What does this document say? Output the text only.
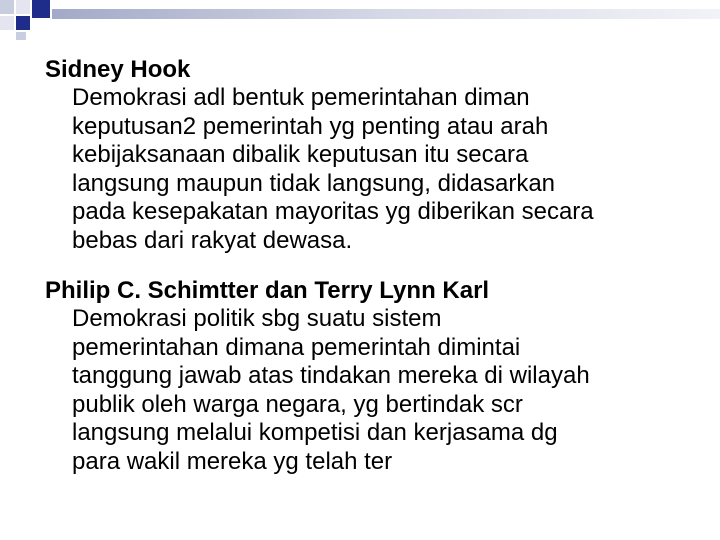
Sidney Hook

Demokrasi adl bentuk pemerintahan diman
keputusan2 pemerintah yg penting atau arah
kebijaksanaan dibalik keputusan itu secara
langsung maupun tidak langsung, didasarkan
pada kesepakatan mayoritas yg diberikan secara
bebas dari rakyat dewasa.

Philip C. Schimtter dan Terry Lynn Karl

Demokrasi politik sbg suatu sistem
pemerintahan dimana pemerintah dimintai
tanggung jawab atas tindakan mereka di wilayah
publik oleh warga negara, yg bertindak scr
langsung melalui kompetisi dan kerjasama dg
para wakil mereka yg telah ter
